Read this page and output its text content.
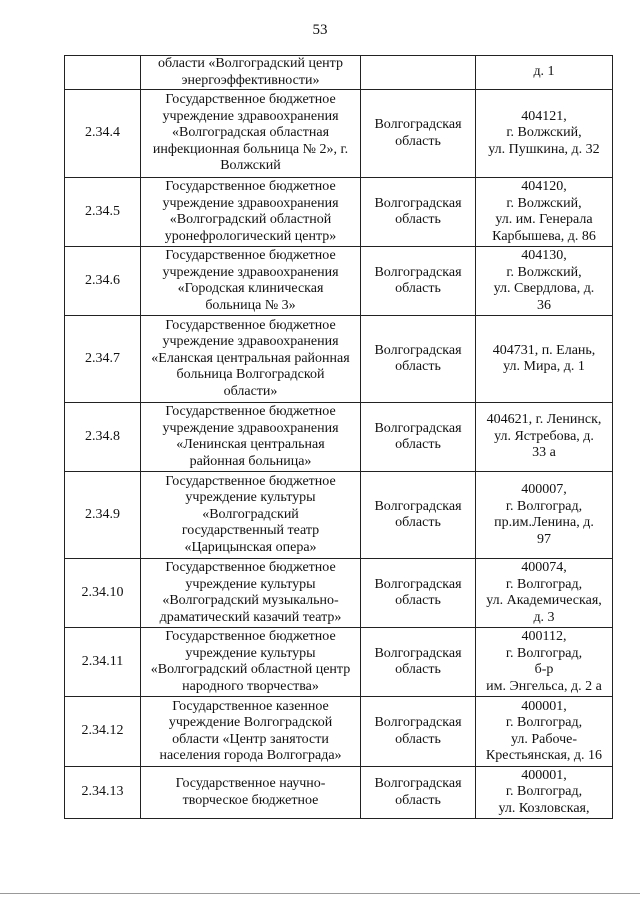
53

	области «Волгоградский центр
энергоэффективности»		д. 1

2.34.4	Государственное бюджетное
учреждение здравоохранения
«Волгоградская областная
инфекционная больница № 2», г.
Волжский	Волгоградская
область	404121,
г. Волжский,
ул. Пушкина, д. 32

2.34.5	Государственное бюджетное
учреждение здравоохранения
«Волгоградский областной
уронефрологический центр»	Волгоградская
область	404120,
г. Волжский,
ул. им. Генерала
Карбышева, д. 86

2.34.6	Государственное бюджетное
учреждение здравоохранения
«Городская клиническая
больница № 3»	Волгоградская
область	404130,
г. Волжский,
ул. Свердлова, д.
36

2.34.7	Государственное бюджетное
учреждение здравоохранения
«Еланская центральная районная
больница Волгоградской
области»	Волгоградская
область	404731, п. Елань,
ул. Мира, д. 1

2.34.8	Государственное бюджетное
учреждение здравоохранения
«Ленинская центральная
районная больница»	Волгоградская
область	404621, г. Ленинск,
ул. Ястребова, д.
33 а

2.34.9	Государственное бюджетное
учреждение культуры
«Волгоградский
государственный театр
«Царицынская опера»	Волгоградская
область	400007,
г. Волгоград,
пр.им.Ленина, д.
97

2.34.10	Государственное бюджетное
учреждение культуры
«Волгоградский музыкально-
драматический казачий театр»	Волгоградская
область	400074,
г. Волгоград,
ул. Академическая,
д. 3

2.34.11	Государственное бюджетное
учреждение культуры
«Волгоградский областной центр
народного творчества»	Волгоградская
область	400112,
г. Волгоград,
б-р
им. Энгельса, д. 2 а

2.34.12	Государственное казенное
учреждение Волгоградской
области «Центр занятости
населения города Волгограда»	Волгоградская
область	400001,
г. Волгоград,
ул. Рабоче-
Крестьянская, д. 16

2.34.13	Государственное научно-
творческое бюджетное	Волгоградская
область	400001,
г. Волгоград,
ул. Козловская,
